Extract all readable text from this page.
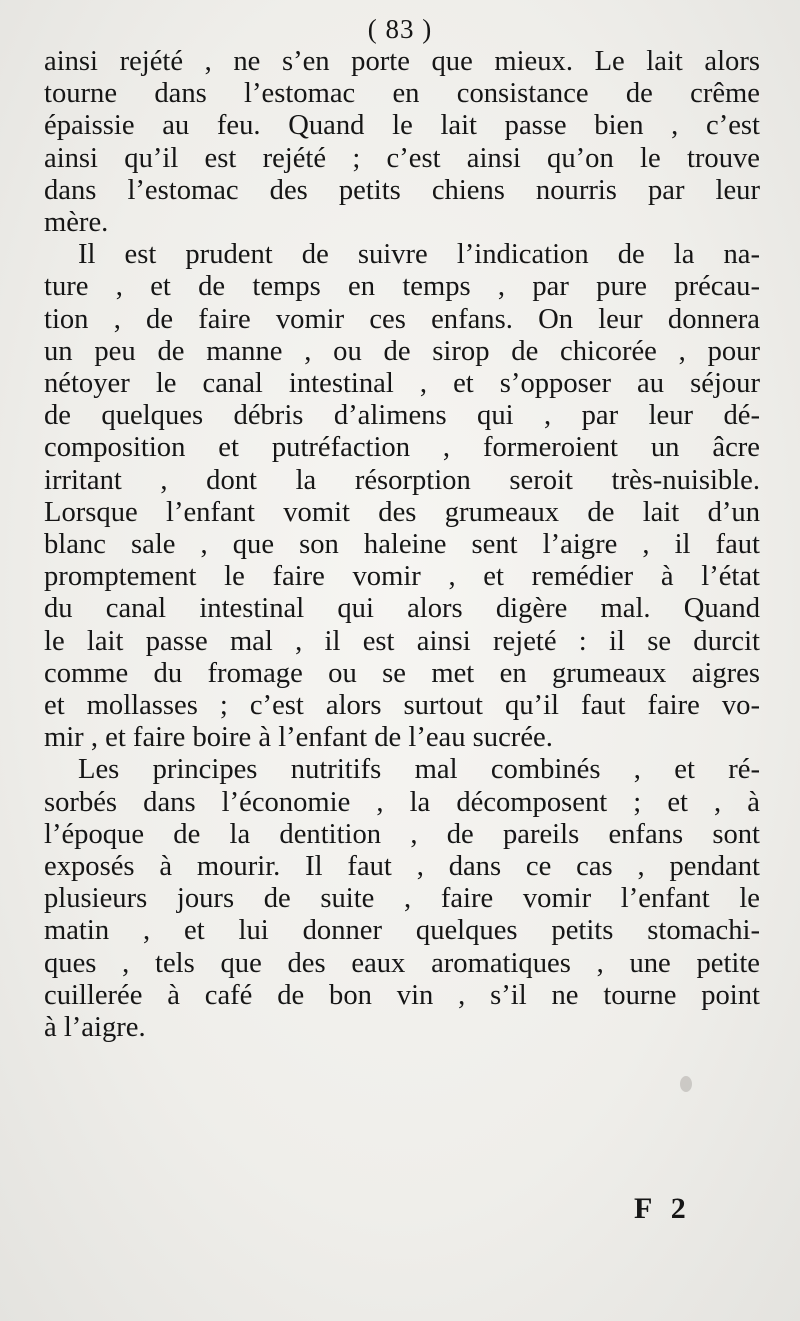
( 83 )
ainsi rejété , ne s’en porte que mieux. Le lait alors
tourne dans l’estomac en consistance de crême
épaissie au feu. Quand le lait passe bien , c’est
ainsi qu’il est rejété ; c’est ainsi qu’on le trouve
dans l’estomac des petits chiens nourris par leur
mère.
Il est prudent de suivre l’indication de la na-
ture , et de temps en temps , par pure précau-
tion , de faire vomir ces enfans. On leur donnera
un peu de manne , ou de sirop de chicorée , pour
nétoyer le canal intestinal , et s’opposer au séjour
de quelques débris d’alimens qui , par leur dé-
composition et putréfaction , formeroient un âcre
irritant , dont la résorption seroit très-nuisible.
Lorsque l’enfant vomit des grumeaux de lait d’un
blanc sale , que son haleine sent l’aigre , il faut
promptement le faire vomir , et remédier à l’état
du canal intestinal qui alors digère mal. Quand
le lait passe mal , il est ainsi rejeté : il se durcit
comme du fromage ou se met en grumeaux aigres
et mollasses ; c’est alors surtout qu’il faut faire vo-
mir , et faire boire à l’enfant de l’eau sucrée.
Les principes nutritifs mal combinés , et ré-
sorbés dans l’économie , la décomposent ; et , à
l’époque de la dentition , de pareils enfans sont
exposés à mourir. Il faut , dans ce cas , pendant
plusieurs jours de suite , faire vomir l’enfant le
matin , et lui donner quelques petits stomachi-
ques , tels que des eaux aromatiques , une petite
cuillerée à café de bon vin , s’il ne tourne point
à l’aigre.
F 2
